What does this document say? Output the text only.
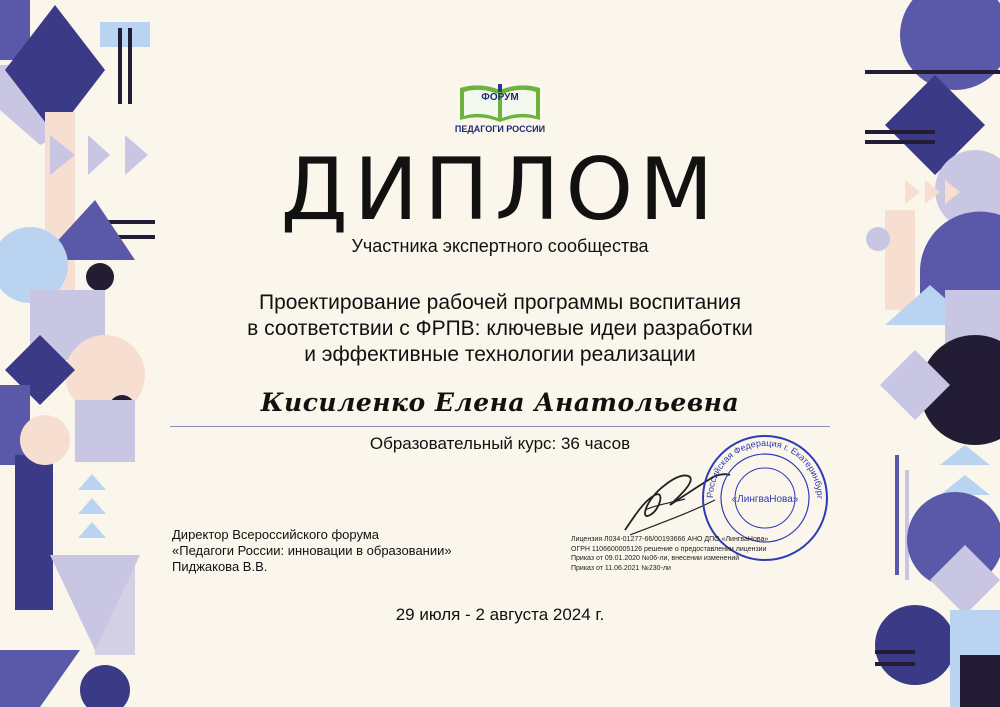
ФОРУМ
ПЕДАГОГИ РОССИИ
ДИПЛОМ
Участника экспертного сообщества
Проектирование рабочей программы воспитания
в соответствии с ФРПВ: ключевые идеи разработки
и эффективные технологии реализации
Кисиленко Елена Анатольевна
Образовательный курс: 36 часов
Директор Всероссийского форума
«Педагоги России: инновации в образовании»
Пиджакова В.В.
Российская Федерация г. Екатеринбург
«ЛингваНова»
Лицензия Л034-01277-66/00193666 АНО ДПО «ЛингваНова»
ОГРН 1106600005126 решение о предоставлении лицензии
Приказ от 09.01.2020 №06-ли, внесении изменений
Приказ от 11.06.2021 №230-ли
29 июля - 2 августа 2024 г.
